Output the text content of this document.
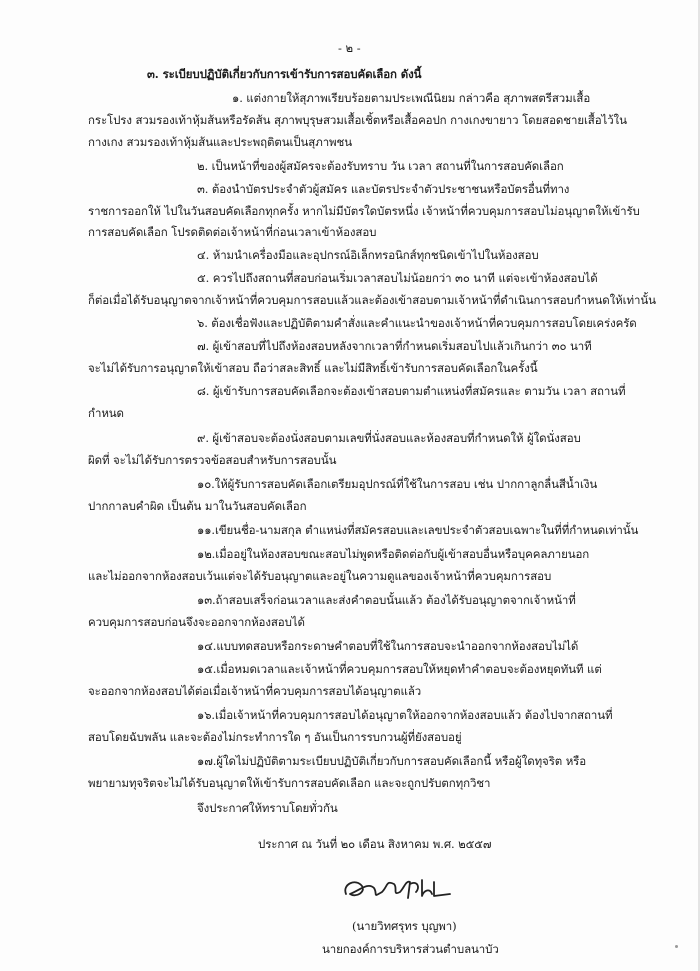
- ๒ -
๓. ระเบียบปฏิบัติเกี่ยวกับการเข้ารับการสอบคัดเลือก ดังนี้
๑. แต่งกายให้สุภาพเรียบร้อยตามประเพณีนิยม กล่าวคือ สุภาพสตรีสวมเสื้อ
กระโปรง สวมรองเท้าหุ้มส้นหรือรัดส้น สุภาพบุรุษสวมเสื้อเชิ้ตหรือเสื้อคอปก กางเกงขายาว โดยสอดชายเสื้อไว้ใน
กางเกง สวมรองเท้าหุ้มส้นและประพฤติตนเป็นสุภาพชน
๒. เป็นหน้าที่ของผู้สมัครจะต้องรับทราบ วัน เวลา สถานที่ในการสอบคัดเลือก
๓. ต้องนำบัตรประจำตัวผู้สมัคร และบัตรประจำตัวประชาชนหรือบัตรอื่นที่ทาง
ราชการออกให้ ไปในวันสอบคัดเลือกทุกครั้ง หากไม่มีบัตรใดบัตรหนึ่ง เจ้าหน้าที่ควบคุมการสอบไม่อนุญาตให้เข้ารับ
การสอบคัดเลือก โปรดติดต่อเจ้าหน้าที่ก่อนเวลาเข้าห้องสอบ
๔. ห้ามนำเครื่องมือและอุปกรณ์อิเล็กทรอนิกส์ทุกชนิดเข้าไปในห้องสอบ
๕. ควรไปถึงสถานที่สอบก่อนเริ่มเวลาสอบไม่น้อยกว่า ๓๐ นาที แต่จะเข้าห้องสอบได้
ก็ต่อเมื่อได้รับอนุญาตจากเจ้าหน้าที่ควบคุมการสอบแล้วและต้องเข้าสอบตามเจ้าหน้าที่ดำเนินการสอบกำหนดให้เท่านั้น
๖. ต้องเชื่อฟังและปฏิบัติตามคำสั่งและคำแนะนำของเจ้าหน้าที่ควบคุมการสอบโดยเคร่งครัด
๗. ผู้เข้าสอบที่ไปถึงห้องสอบหลังจากเวลาที่กำหนดเริ่มสอบไปแล้วเกินกว่า ๓๐ นาที
จะไม่ได้รับการอนุญาตให้เข้าสอบ ถือว่าสละสิทธิ์ และไม่มีสิทธิ์เข้ารับการสอบคัดเลือกในครั้งนี้
๘. ผู้เข้ารับการสอบคัดเลือกจะต้องเข้าสอบตามตำแหน่งที่สมัครและ ตามวัน เวลา สถานที่
กำหนด
๙. ผู้เข้าสอบจะต้องนั่งสอบตามเลขที่นั่งสอบและห้องสอบที่กำหนดให้ ผู้ใดนั่งสอบ
ผิดที่ จะไม่ได้รับการตรวจข้อสอบสำหรับการสอบนั้น
๑๐.ให้ผู้รับการสอบคัดเลือกเตรียมอุปกรณ์ที่ใช้ในการสอบ เช่น ปากกาลูกลื่นสีน้ำเงิน
ปากกาลบคำผิด เป็นต้น มาในวันสอบคัดเลือก
๑๑.เขียนชื่อ-นามสกุล ตำแหน่งที่สมัครสอบและเลขประจำตัวสอบเฉพาะในที่ที่กำหนดเท่านั้น
๑๒.เมื่ออยู่ในห้องสอบขณะสอบไม่พูดหรือติดต่อกับผู้เข้าสอบอื่นหรือบุคคลภายนอก
และไม่ออกจากห้องสอบเว้นแต่จะได้รับอนุญาตและอยู่ในความดูแลของเจ้าหน้าที่ควบคุมการสอบ
๑๓.ถ้าสอบเสร็จก่อนเวลาและส่งคำตอบนั้นแล้ว ต้องได้รับอนุญาตจากเจ้าหน้าที่
ควบคุมการสอบก่อนจึงจะออกจากห้องสอบได้
๑๔.แบบทดสอบหรือกระดาษคำตอบที่ใช้ในการสอบจะนำออกจากห้องสอบไม่ได้
๑๕.เมื่อหมดเวลาและเจ้าหน้าที่ควบคุมการสอบให้หยุดทำคำตอบจะต้องหยุดทันที แต่
จะออกจากห้องสอบได้ต่อเมื่อเจ้าหน้าที่ควบคุมการสอบได้อนุญาตแล้ว
๑๖.เมื่อเจ้าหน้าที่ควบคุมการสอบได้อนุญาตให้ออกจากห้องสอบแล้ว ต้องไปจากสถานที่
สอบโดยฉับพลัน และจะต้องไม่กระทำการใด ๆ อันเป็นการรบกวนผู้ที่ยังสอบอยู่
๑๗.ผู้ใดไม่ปฏิบัติตามระเบียบปฏิบัติเกี่ยวกับการสอบคัดเลือกนี้ หรือผู้ใดทุจริต หรือ
พยายามทุจริตจะไม่ได้รับอนุญาตให้เข้ารับการสอบคัดเลือก และจะถูกปรับตกทุกวิชา
จึงประกาศให้ทราบโดยทั่วกัน
ประกาศ ณ วันที่ ๒๐ เดือน สิงหาคม พ.ศ. ๒๕๕๗
(นายวิทศรุทร บุญพา)
นายกองค์การบริหารส่วนตำบลนาบัว
